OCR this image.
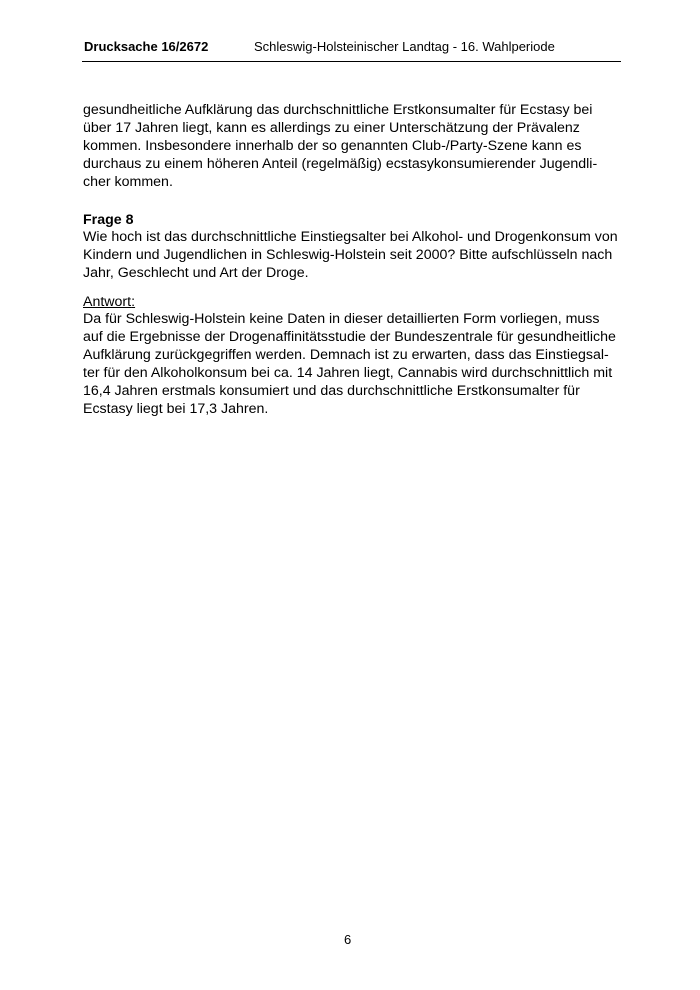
Drucksache 16/2672	Schleswig-Holsteinischer Landtag - 16. Wahlperiode
gesundheitliche Aufklärung das durchschnittliche Erstkonsumalter für Ecstasy bei
über 17 Jahren liegt, kann es allerdings zu einer Unterschätzung der Prävalenz
kommen. Insbesondere innerhalb der so genannten Club-/Party-Szene kann es
durchaus zu einem höheren Anteil (regelmäßig) ecstasykonsumierender Jugendli-
cher kommen.
Frage 8
Wie hoch ist das durchschnittliche Einstiegsalter bei Alkohol- und Drogenkonsum von
Kindern und Jugendlichen in Schleswig-Holstein seit 2000? Bitte aufschlüsseln nach
Jahr, Geschlecht und Art der Droge.
Antwort:
Da für Schleswig-Holstein keine Daten in dieser detaillierten Form vorliegen, muss
auf die Ergebnisse der Drogenaffinitätsstudie der Bundeszentrale für gesundheitliche
Aufklärung zurückgegriffen werden. Demnach ist zu erwarten, dass das Einstiegsal-
ter für den Alkoholkonsum bei ca. 14 Jahren liegt, Cannabis wird durchschnittlich mit
16,4 Jahren erstmals konsumiert und das durchschnittliche Erstkonsumalter für
Ecstasy liegt bei 17,3 Jahren.
6
